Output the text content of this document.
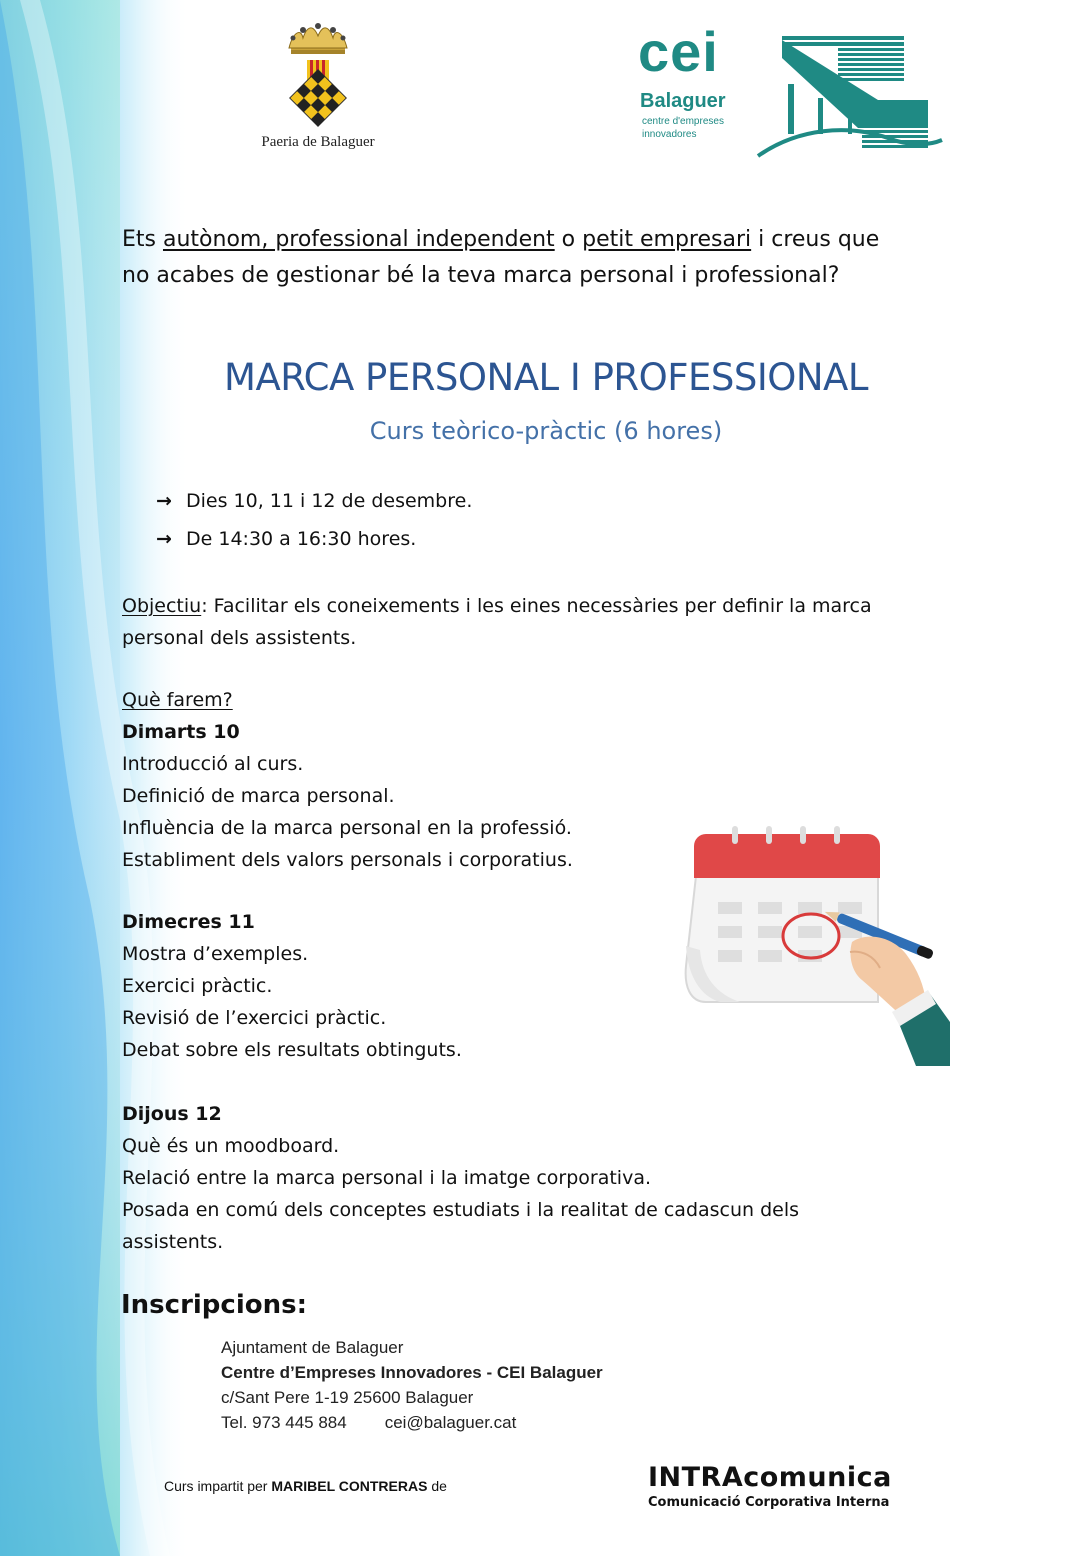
Paeria de Balaguer
cei
Balaguer
centre d'empreses
innovadores
Ets autònom, professional independent o petit empresari i creus que
no acabes de gestionar bé la teva marca personal i professional?
MARCA PERSONAL I PROFESSIONAL
Curs teòrico-pràctic (6 hores)
→ Dies 10, 11 i 12 de desembre.
→ De 14:30 a 16:30 hores.
Objectiu: Facilitar els coneixements i les eines necessàries per definir la marca
personal dels assistents.
Què farem?
Dimarts 10
Introducció al curs.
Definició de marca personal.
Influència de la marca personal en la professió.
Establiment dels valors personals i corporatius.
Dimecres 11
Mostra d’exemples.
Exercici pràctic.
Revisió de l’exercici pràctic.
Debat sobre els resultats obtinguts.
Dijous 12
Què és un moodboard.
Relació entre la marca personal i la imatge corporativa.
Posada en comú dels conceptes estudiats i la realitat de cadascun dels
assistents.
Inscripcions:
Ajuntament de Balaguer
Centre d’Empreses Innovadores - CEI Balaguer
c/Sant Pere 1-19 25600 Balaguer
Tel. 973 445 884 cei@balaguer.cat
Curs impartit per MARIBEL CONTRERAS de	INTRAcomunica
Comunicació Corporativa Interna
